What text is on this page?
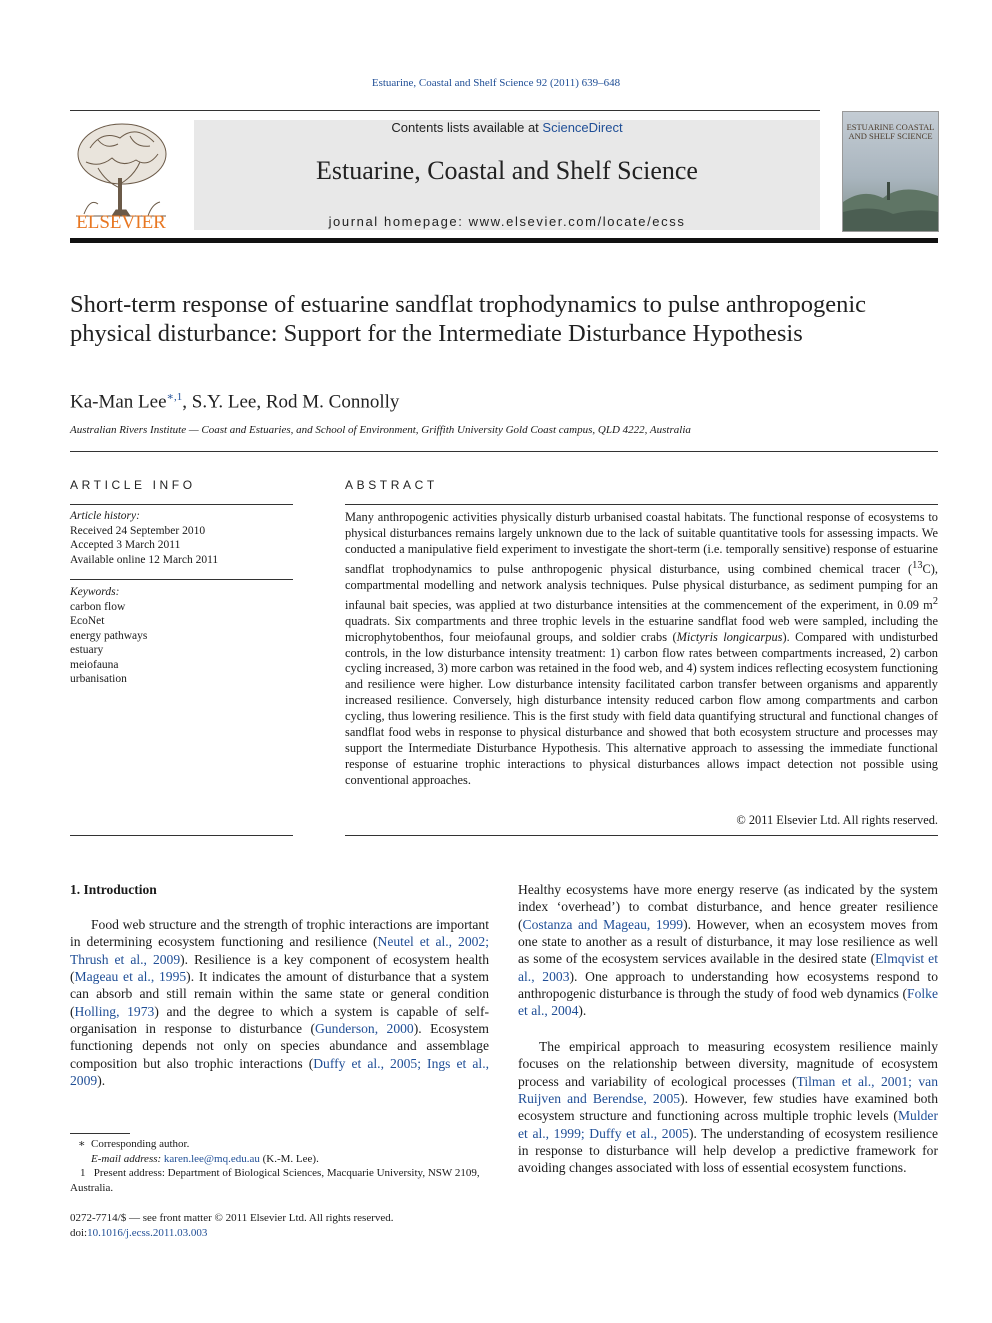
Estuarine, Coastal and Shelf Science 92 (2011) 639–648
ELSEVIER
Contents lists available at ScienceDirect
Estuarine, Coastal and Shelf Science
journal homepage: www.elsevier.com/locate/ecss
ESTUARINE COASTAL AND SHELF SCIENCE
Short-term response of estuarine sandflat trophodynamics to pulse anthropogenic physical disturbance: Support for the Intermediate Disturbance Hypothesis
Ka-Man Lee$^{∗,1}$, S.Y. Lee, Rod M. Connolly
Australian Rivers Institute — Coast and Estuaries, and School of Environment, Griffith University Gold Coast campus, QLD 4222, Australia
ARTICLE INFO	ABSTRACT
Article history:
Received 24 September 2010
Accepted 3 March 2011
Available online 12 March 2011
Keywords:
carbon flow
EcoNet
energy pathways
estuary
meiofauna
urbanisation

Many anthropogenic activities physically disturb urbanised coastal habitats. The functional response of ecosystems to physical disturbances remains largely unknown due to the lack of suitable quantitative tools for assessing impacts. We conducted a manipulative field experiment to investigate the short-term (i.e. temporally sensitive) response of estuarine sandflat trophodynamics to pulse anthropogenic physical disturbance, using combined chemical tracer ($^{13}$C), compartmental modelling and network analysis techniques. Pulse physical disturbance, as sediment pumping for an infaunal bait species, was applied at two disturbance intensities at the commencement of the experiment, in 0.09 $m^2$ quadrats. Six compartments and three trophic levels in the estuarine sandflat food web were sampled, including the microphytobenthos, four meiofaunal groups, and soldier crabs (Mictyris longicarpus). Compared with undisturbed controls, in the low disturbance intensity treatment: 1) carbon flow rates between compartments increased, 2) carbon cycling increased, 3) more carbon was retained in the food web, and 4) system indices reflecting ecosystem functioning and resilience were higher. Low disturbance intensity facilitated carbon transfer between organisms and apparently increased resilience. Conversely, high disturbance intensity reduced carbon flow among compartments and carbon cycling, thus lowering resilience. This is the first study with field data quantifying structural and functional changes of sandflat food webs in response to physical disturbance and showed that both ecosystem structure and processes may support the Intermediate Disturbance Hypothesis. This alternative approach to assessing the immediate functional response of estuarine trophic interactions to physical disturbances allows impact detection not possible using conventional approaches.

© 2011 Elsevier Ltd. All rights reserved.
1. Introduction

Food web structure and the strength of trophic interactions are important in determining ecosystem functioning and resilience (Neutel et al., 2002; Thrush et al., 2009). Resilience is a key component of ecosystem health (Mageau et al., 1995). It indicates the amount of disturbance that a system can absorb and still remain within the same state or general condition (Holling, 1973) and the degree to which a system is capable of self-organisation in response to disturbance (Gunderson, 2000). Ecosystem functioning depends not only on species abundance and assemblage composition but also trophic interactions (Duffy et al., 2005; Ings et al., 2009).

Healthy ecosystems have more energy reserve (as indicated by the system index ‘overhead’) to combat disturbance, and hence greater resilience (Costanza and Mageau, 1999). However, when an ecosystem moves from one state to another as a result of disturbance, it may lose resilience as well as some of the ecosystem services available in the desired state (Elmqvist et al., 2003). One approach to understanding how ecosystems respond to anthropogenic disturbance is through the study of food web dynamics (Folke et al., 2004).

The empirical approach to measuring ecosystem resilience mainly focuses on the relationship between diversity, magnitude of ecosystem process and variability of ecological processes (Tilman et al., 2001; van Ruijven and Berendse, 2005). However, few studies have examined both ecosystem structure and functioning across multiple trophic levels (Mulder et al., 1999; Duffy et al., 2005). The understanding of ecosystem resilience in response to disturbance will help develop a predictive framework for avoiding changes associated with loss of essential ecosystem functions.

∗ Corresponding author.
E-mail address: karen.lee@mq.edu.au (K.-M. Lee).
1 Present address: Department of Biological Sciences, Macquarie University, NSW 2109, Australia.
0272-7714/$ — see front matter © 2011 Elsevier Ltd. All rights reserved.
doi:10.1016/j.ecss.2011.03.003
